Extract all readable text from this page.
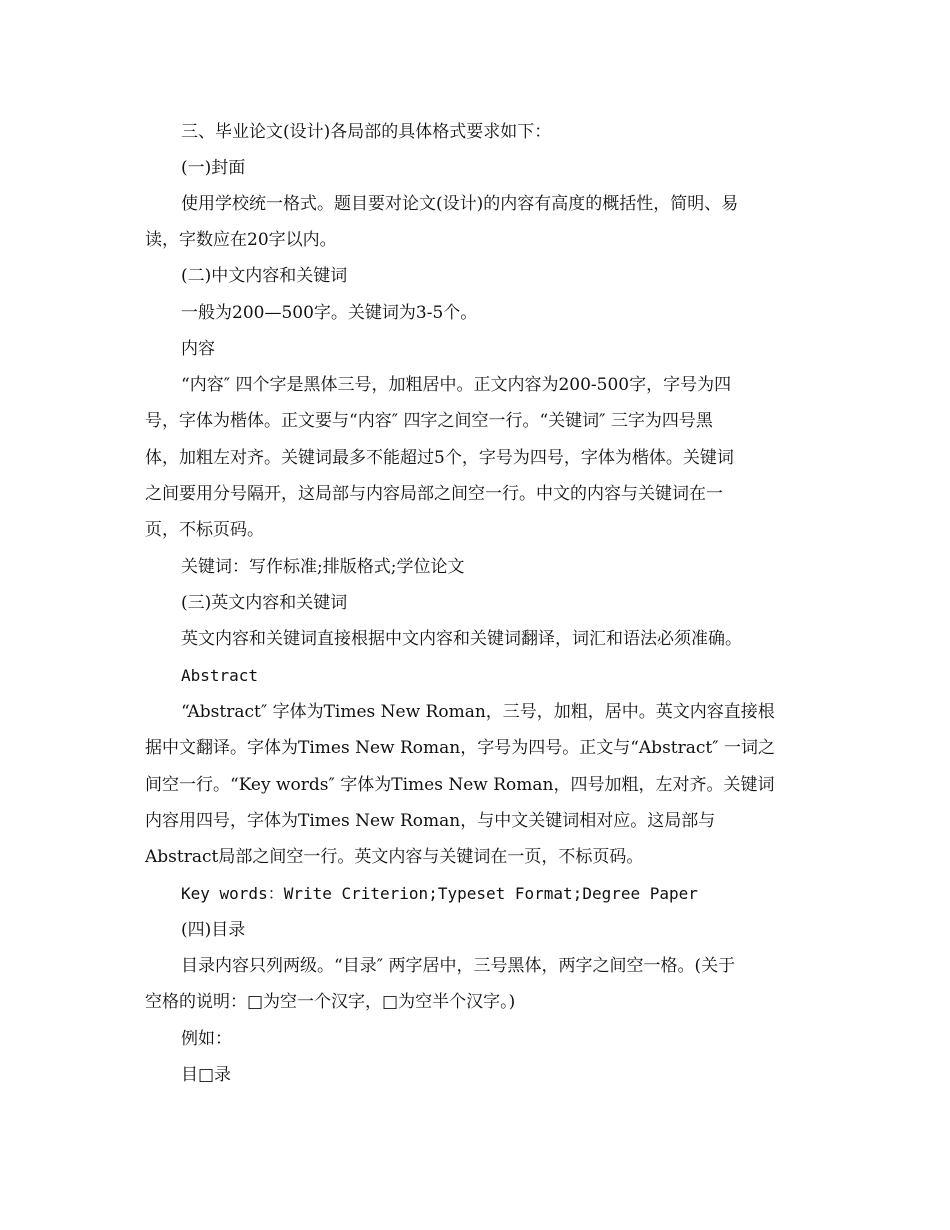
三、毕业论文(设计)各局部的具体格式要求如下：

(一)封面

使用学校统一格式。题目要对论文(设计)的内容有高度的概括性，简明、易

读，字数应在20字以内。

(二)中文内容和关键词

一般为200—500字。关键词为3-5个。

内容

“内容″ 四个字是黑体三号，加粗居中。正文内容为200-500字，字号为四

号，字体为楷体。正文要与“内容″ 四字之间空一行。“关键词″ 三字为四号黑

体，加粗左对齐。关键词最多不能超过5个，字号为四号，字体为楷体。关键词

之间要用分号隔开，这局部与内容局部之间空一行。中文的内容与关键词在一

页，不标页码。

关键词：写作标准;排版格式;学位论文

(三)英文内容和关键词

英文内容和关键词直接根据中文内容和关键词翻译，词汇和语法必须准确。

Abstract

“Abstract″ 字体为Times New Roman，三号，加粗，居中。英文内容直接根

据中文翻译。字体为Times New Roman，字号为四号。正文与“Abstract″ 一词之

间空一行。“Key words″ 字体为Times New Roman，四号加粗，左对齐。关键词

内容用四号，字体为Times New Roman，与中文关键词相对应。这局部与

Abstract局部之间空一行。英文内容与关键词在一页，不标页码。

Key words：Write Criterion;Typeset Format;Degree Paper

(四)目录

目录内容只列两级。“目录″ 两字居中，三号黑体，两字之间空一格。(关于

空格的说明：□为空一个汉字，□为空半个汉字。)

例如：

目□录
